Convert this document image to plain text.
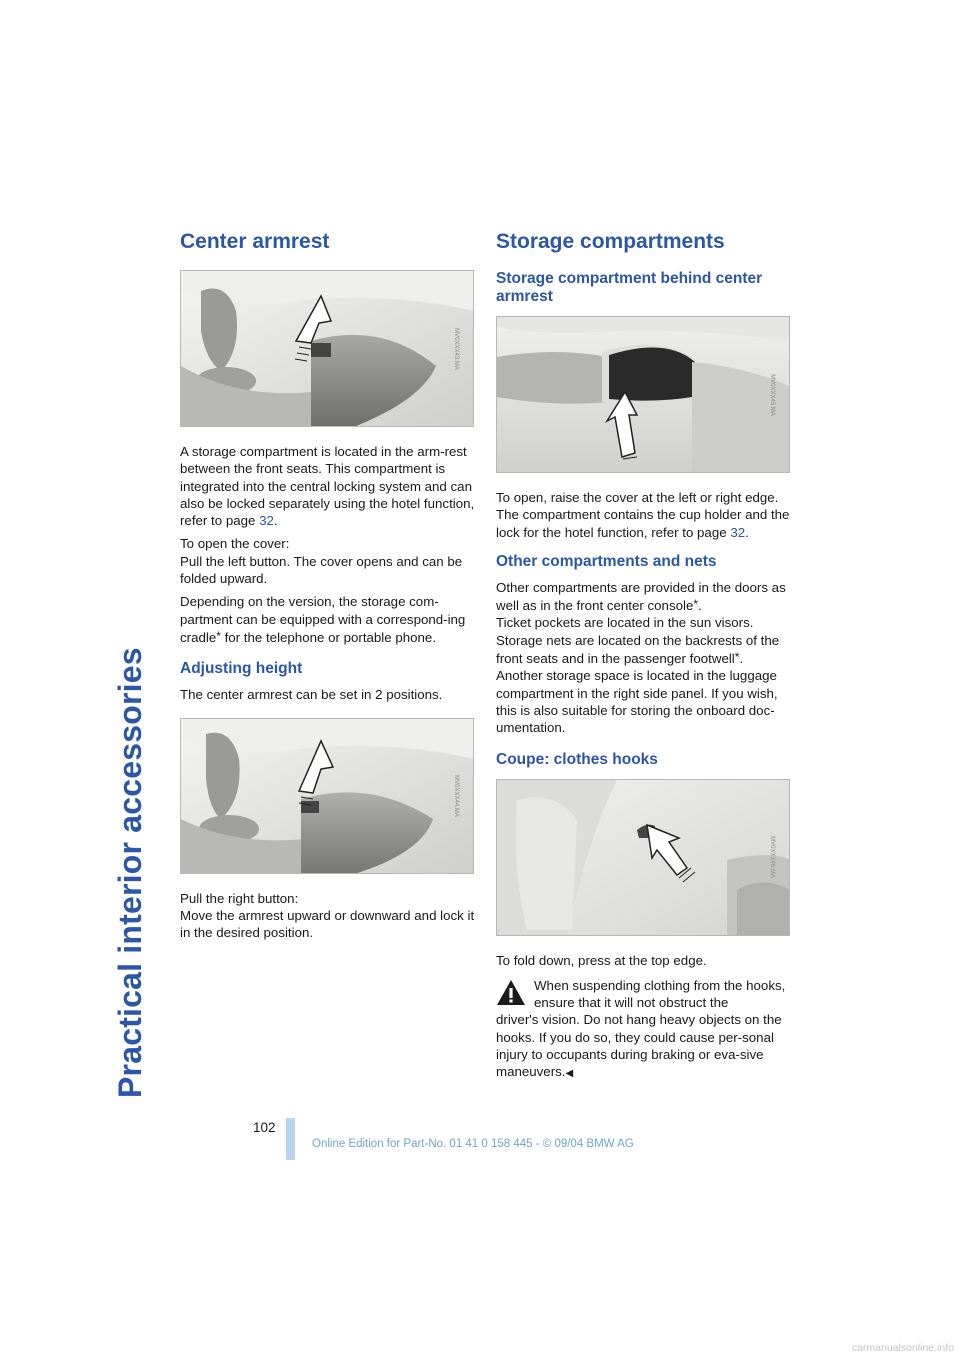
Practical interior accessories
Center armrest
MV0XXX43.MA

A storage compartment is located in the arm-rest between the front seats. This compartment is integrated into the central locking system and can also be locked separately using the hotel function, refer to page 32.

To open the cover:

Pull the left button. The cover opens and can be folded upward.

Depending on the version, the storage com-partment can be equipped with a correspond-ing cradle* for the telephone or portable phone.

Adjusting height

The center armrest can be set in 2 positions.

MV0XXX44.MA

Pull the right button:
Move the armrest upward or downward and lock it in the desired position.

Storage compartments
Storage compartment behind center armrest
MV0XXX45.MA

To open, raise the cover at the left or right edge. The compartment contains the cup holder and the lock for the hotel function, refer to page 32.

Other compartments and nets

Other compartments are provided in the doors as well as in the front center console*.

Ticket pockets are located in the sun visors.

Storage nets are located on the backrests of the front seats and in the passenger footwell*.

Another storage space is located in the luggage compartment in the right side panel. If you wish, this is also suitable for storing the onboard doc-umentation.

Coupe: clothes hooks
MV0XXX46.MA

To fold down, press at the top edge.

When suspending clothing from the hooks, ensure that it will not obstruct the

driver's vision. Do not hang heavy objects on the hooks. If you do so, they could cause per-sonal injury to occupants during braking or eva-sive maneuvers.◀

102
Online Edition for Part-No. 01 41 0 158 445 - © 09/04 BMW AG
carmanualsonline.info
